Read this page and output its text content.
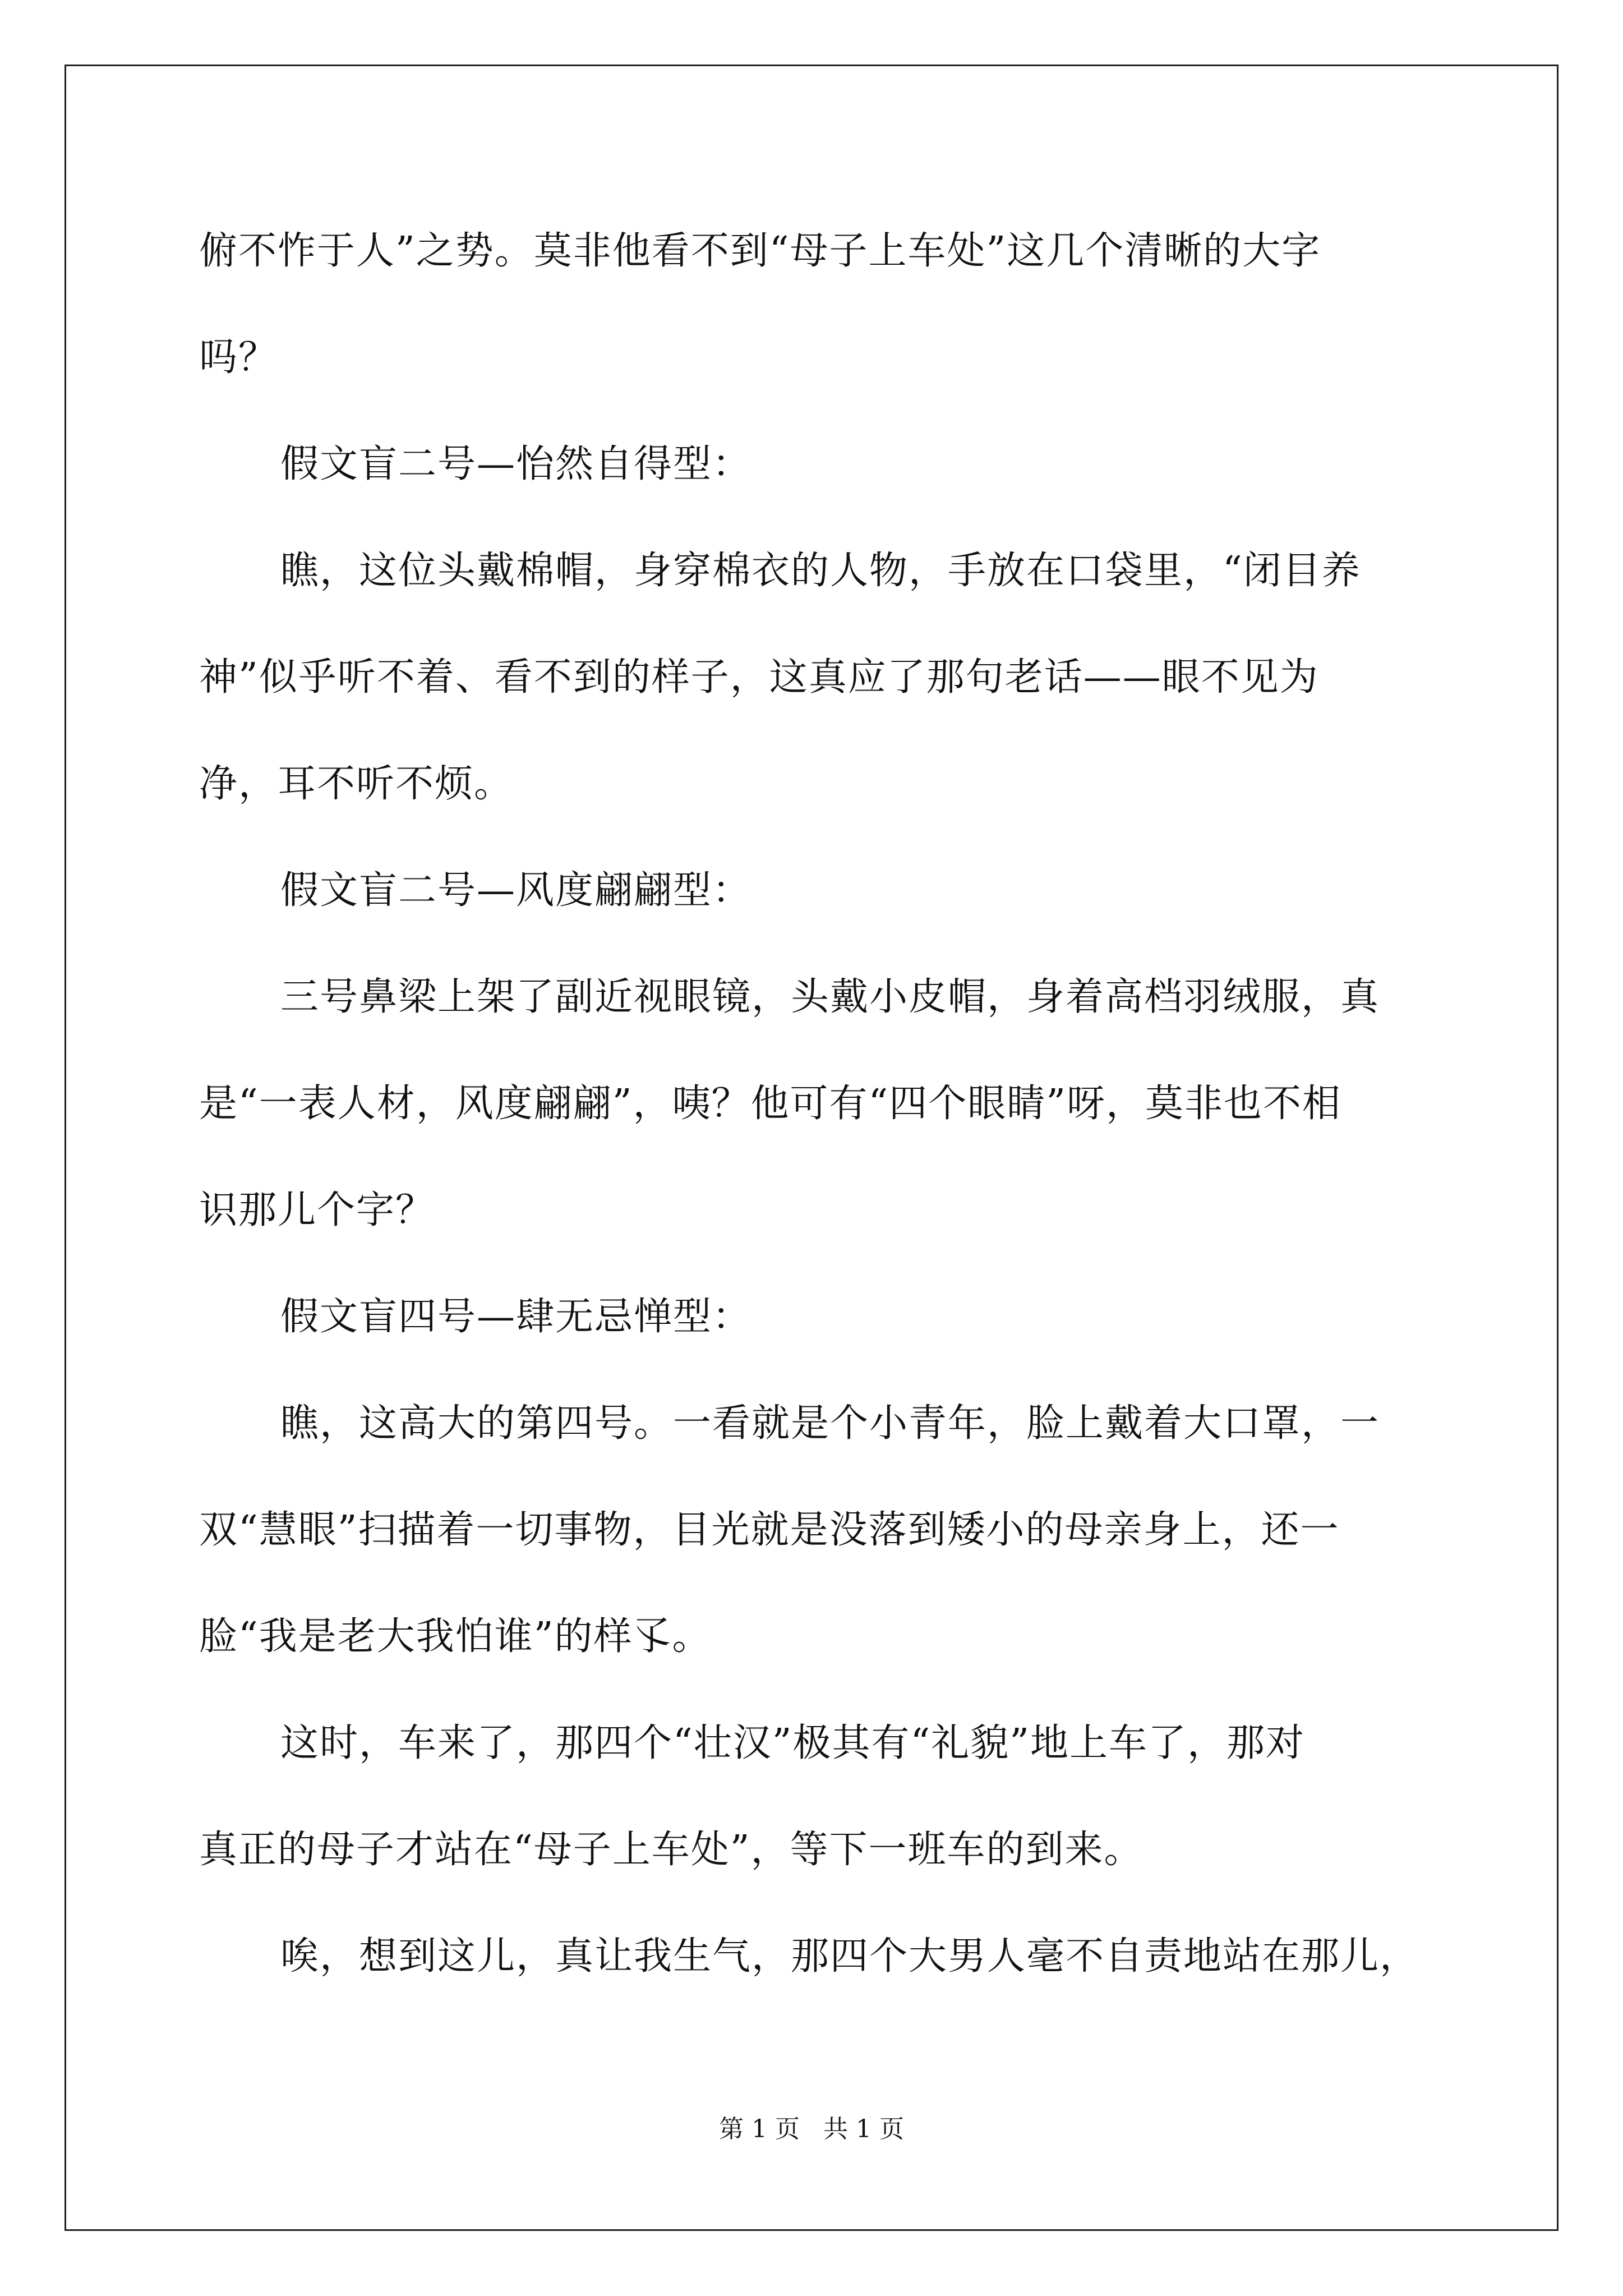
俯不怍于人”之势。莫非他看不到“母子上车处”这几个清晰的大字
吗？
假文盲二号—怡然自得型：
瞧，这位头戴棉帽，身穿棉衣的人物，手放在口袋里，“闭目养
神”似乎听不着、看不到的样子，这真应了那句老话——眼不见为
净，耳不听不烦。
假文盲二号—风度翩翩型：
三号鼻梁上架了副近视眼镜，头戴小皮帽，身着高档羽绒服，真
是“一表人材，风度翩翩”，咦？他可有“四个眼睛”呀，莫非也不相
识那儿个字？
假文盲四号—肆无忌惮型：
瞧，这高大的第四号。一看就是个小青年，脸上戴着大口罩，一
双“慧眼”扫描着一切事物，目光就是没落到矮小的母亲身上，还一
脸“我是老大我怕谁”的样孓。
这时，车来了，那四个“壮汉”极其有“礼貌”地上车了，那对
真正的母子才站在“母子上车处”，等下一班车的到来。
唉，想到这儿，真让我生气，那四个大男人毫不自责地站在那儿，
第 1 页   共 1 页
